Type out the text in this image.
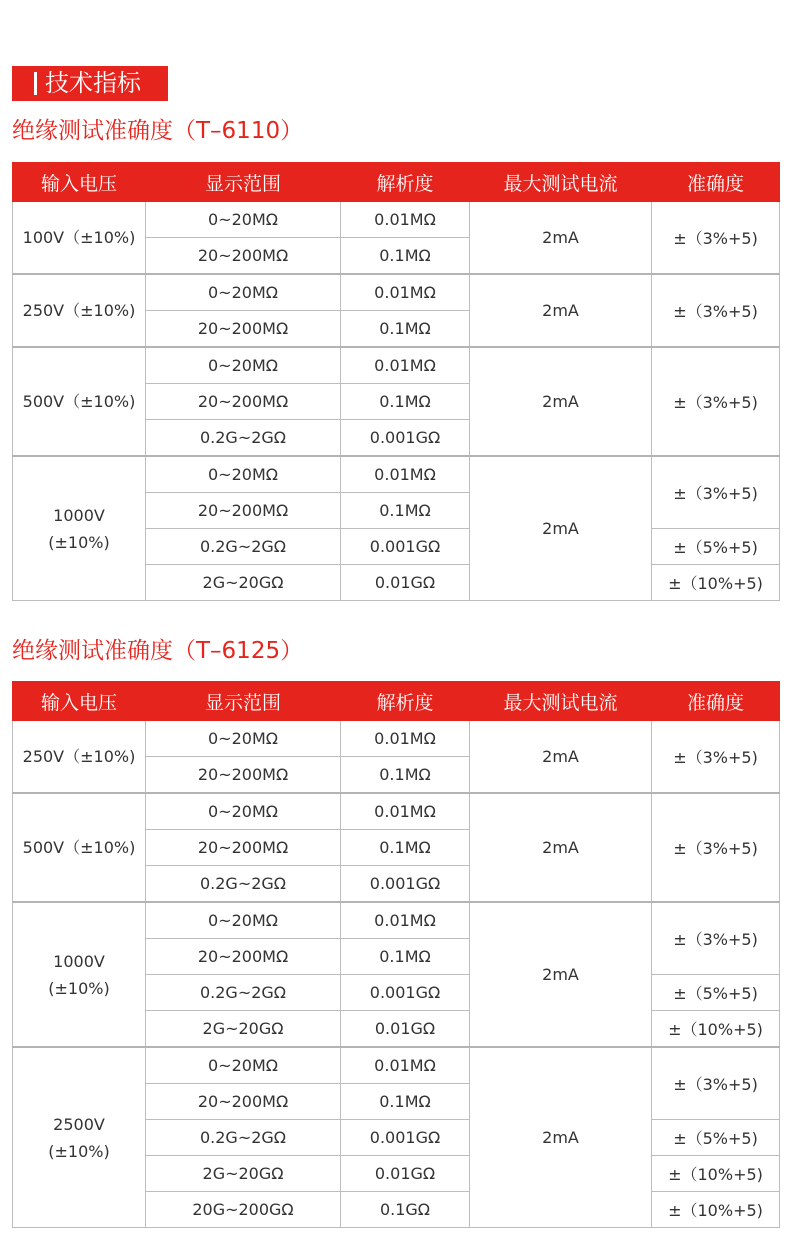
技术指标
绝缘测试准确度（T–6110）
输入电压	显示范围	解析度	最大测试电流	准确度
100V（±10%)	0~20MΩ	0.01MΩ	2mA	±（3%+5)
	20~200MΩ	0.1MΩ		
250V（±10%)	0~20MΩ	0.01MΩ	2mA	±（3%+5)
	20~200MΩ	0.1MΩ		
500V（±10%)	0~20MΩ	0.01MΩ	2mA	±（3%+5)
	20~200MΩ	0.1MΩ		
	0.2G~2GΩ	0.001GΩ		
1000V
(±10%)	0~20MΩ	0.01MΩ	2mA	±（3%+5)
	20~200MΩ	0.1MΩ		
	0.2G~2GΩ	0.001GΩ		±（5%+5)
	2G~20GΩ	0.01GΩ		±（10%+5)
绝缘测试准确度（T–6125）
输入电压	显示范围	解析度	最大测试电流	准确度
250V（±10%)	0~20MΩ	0.01MΩ	2mA	±（3%+5)
	20~200MΩ	0.1MΩ		
500V（±10%)	0~20MΩ	0.01MΩ	2mA	±（3%+5)
	20~200MΩ	0.1MΩ		
	0.2G~2GΩ	0.001GΩ		
1000V
(±10%)	0~20MΩ	0.01MΩ	2mA	±（3%+5)
	20~200MΩ	0.1MΩ		
	0.2G~2GΩ	0.001GΩ		±（5%+5)
	2G~20GΩ	0.01GΩ		±（10%+5)
2500V
(±10%)	0~20MΩ	0.01MΩ	2mA	±（3%+5)
	20~200MΩ	0.1MΩ		
	0.2G~2GΩ	0.001GΩ		±（5%+5)
	2G~20GΩ	0.01GΩ		±（10%+5)
	20G~200GΩ	0.1GΩ		±（10%+5)
